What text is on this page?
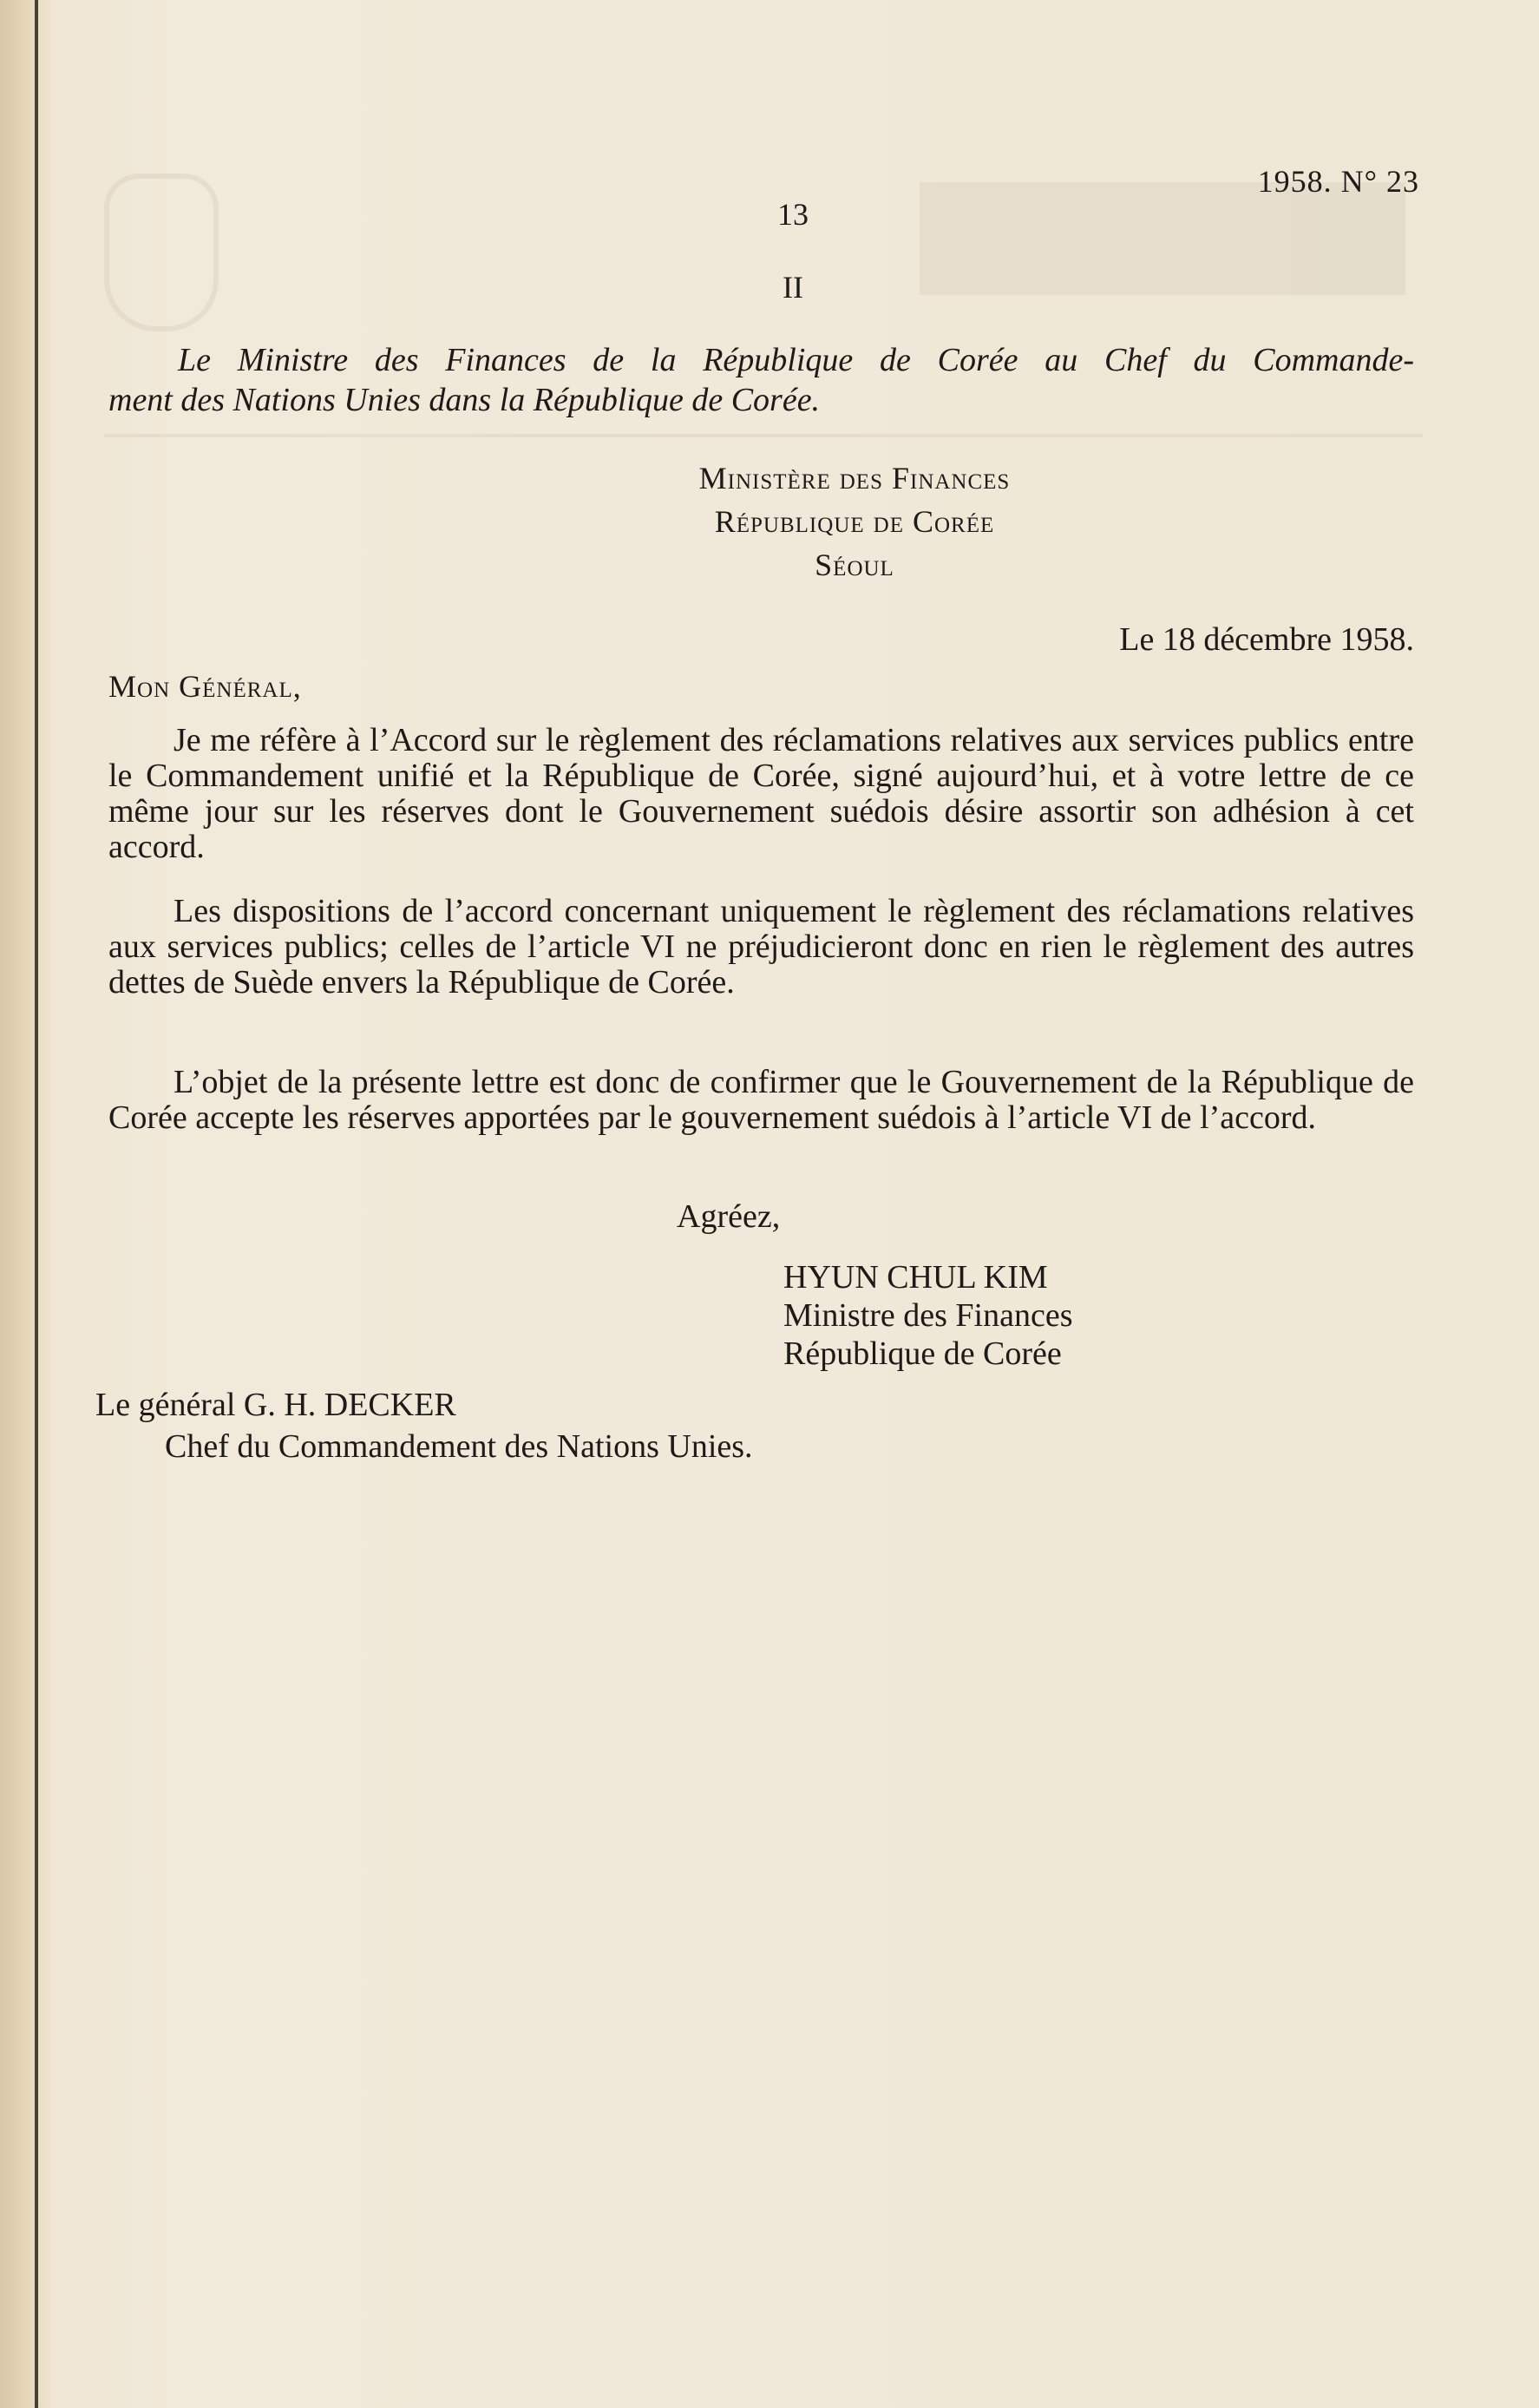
1958. N° 23
13
II
Le Ministre des Finances de la République de Corée au Chef du Commande-
ment des Nations Unies dans la République de Corée.
Ministère des Finances
République de Corée
Séoul
Le 18 décembre 1958.
Mon Général,
Je me réfère à l’Accord sur le règlement des réclamations relatives aux services publics entre le Commandement unifié et la République de Corée, signé aujourd’hui, et à votre lettre de ce même jour sur les réserves dont le Gouvernement suédois désire assortir son adhésion à cet accord.
Les dispositions de l’accord concernant uniquement le règlement des réclamations relatives aux services publics; celles de l’article VI ne préjudicieront donc en rien le règlement des autres dettes de Suède envers la République de Corée.
L’objet de la présente lettre est donc de confirmer que le Gouvernement de la République de Corée accepte les réserves apportées par le gouvernement suédois à l’article VI de l’accord.
Agréez,
HYUN CHUL KIM
Ministre des Finances
République de Corée
Le général G. H. DECKER
Chef du Commandement des Nations Unies.
